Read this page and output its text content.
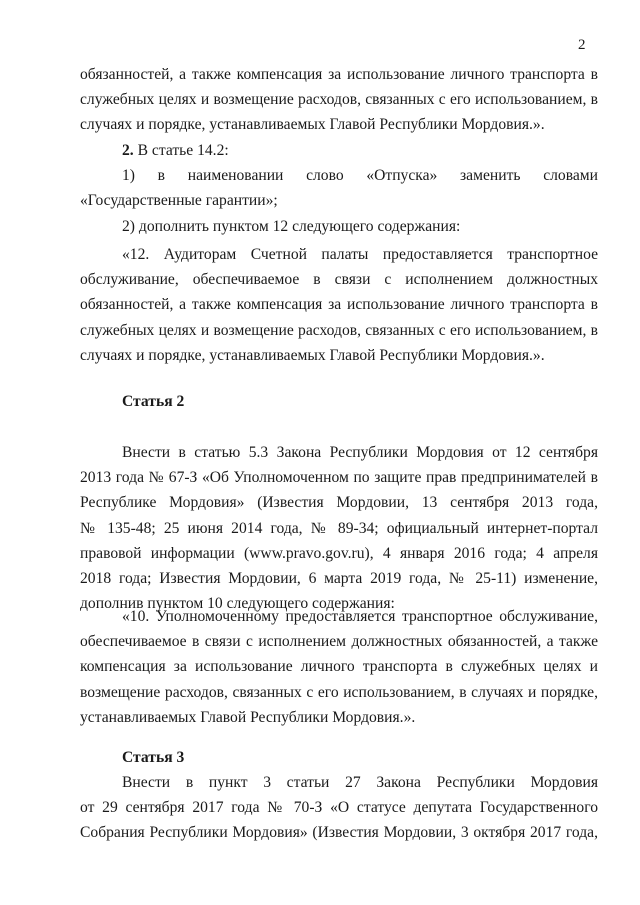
2
обязанностей, а также компенсация за использование личного транспорта в
служебных целях и возмещение расходов, связанных с его использованием, в
случаях и порядке, устанавливаемых Главой Республики Мордовия.».
2. В статье 14.2:
1) в наименовании слово «Отпуска» заменить словами
«Государственные гарантии»;
2) дополнить пунктом 12 следующего содержания:
«12. Аудиторам Счетной палаты предоставляется транспортное
обслуживание, обеспечиваемое в связи с исполнением должностных
обязанностей, а также компенсация за использование личного транспорта в
служебных целях и возмещение расходов, связанных с его использованием, в
случаях и порядке, устанавливаемых Главой Республики Мордовия.».
Статья 2
Внести в статью 5.3 Закона Республики Мордовия от 12 сентября
2013 года № 67-З «Об Уполномоченном по защите прав предпринимателей в
Республике Мордовия» (Известия Мордовии, 13 сентября 2013 года,
№ 135-48; 25 июня 2014 года, № 89-34; официальный интернет-портал
правовой информации (www.pravo.gov.ru), 4 января 2016 года; 4 апреля
2018 года; Известия Мордовии, 6 марта 2019 года, № 25-11) изменение,
дополнив пунктом 10 следующего содержания:
«10. Уполномоченному предоставляется транспортное обслуживание,
обеспечиваемое в связи с исполнением должностных обязанностей, а также
компенсация за использование личного транспорта в служебных целях и
возмещение расходов, связанных с его использованием, в случаях и порядке,
устанавливаемых Главой Республики Мордовия.».
Статья 3
Внести в пункт 3 статьи 27 Закона Республики Мордовия
от 29 сентября 2017 года № 70-З «О статусе депутата Государственного
Собрания Республики Мордовия» (Известия Мордовии, 3 октября 2017 года,
